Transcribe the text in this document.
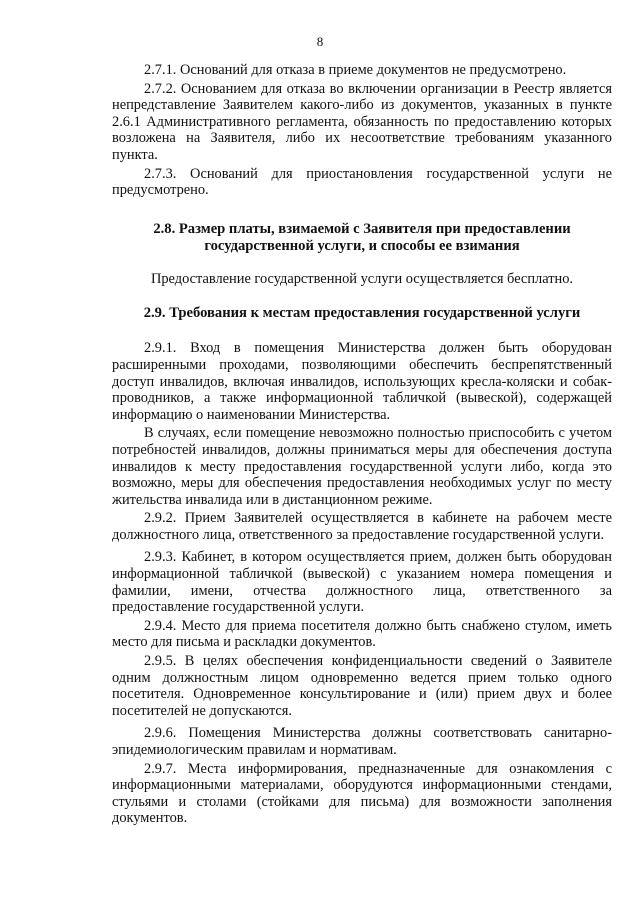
8

2.7.1. Оснований для отказа в приеме документов не предусмотрено.

2.7.2. Основанием для отказа во включении организации в Реестр является непредставление Заявителем какого-либо из документов, указанных в пункте 2.6.1 Административного регламента, обязанность по предоставлению которых возложена на Заявителя, либо их несоответствие требованиям указанного пункта.

2.7.3. Оснований для приостановления государственной услуги не предусмотрено.

2.8. Размер платы, взимаемой с Заявителя при предоставлении государственной услуги, и способы ее взимания

Предоставление государственной услуги осуществляется бесплатно.

2.9. Требования к местам предоставления государственной услуги

2.9.1. Вход в помещения Министерства должен быть оборудован расширенными проходами, позволяющими обеспечить беспрепятственный доступ инвалидов, включая инвалидов, использующих кресла-коляски и собак-проводников, а также информационной табличкой (вывеской), содержащей информацию о наименовании Министерства.

В случаях, если помещение невозможно полностью приспособить с учетом потребностей инвалидов, должны приниматься меры для обеспечения доступа инвалидов к месту предоставления государственной услуги либо, когда это возможно, меры для обеспечения предоставления необходимых услуг по месту жительства инвалида или в дистанционном режиме.

2.9.2. Прием Заявителей осуществляется в кабинете на рабочем месте должностного лица, ответственного за предоставление государственной услуги.

2.9.3. Кабинет, в котором осуществляется прием, должен быть оборудован информационной табличкой (вывеской) с указанием номера помещения и фамилии, имени, отчества должностного лица, ответственного за предоставление государственной услуги.

2.9.4. Место для приема посетителя должно быть снабжено стулом, иметь место для письма и раскладки документов.

2.9.5. В целях обеспечения конфиденциальности сведений о Заявителе одним должностным лицом одновременно ведется прием только одного посетителя. Одновременное консультирование и (или) прием двух и более посетителей не допускаются.

2.9.6. Помещения Министерства должны соответствовать санитарно-эпидемиологическим правилам и нормативам.

2.9.7. Места информирования, предназначенные для ознакомления с информационными материалами, оборудуются информационными стендами, стульями и столами (стойками для письма) для возможности заполнения документов.
